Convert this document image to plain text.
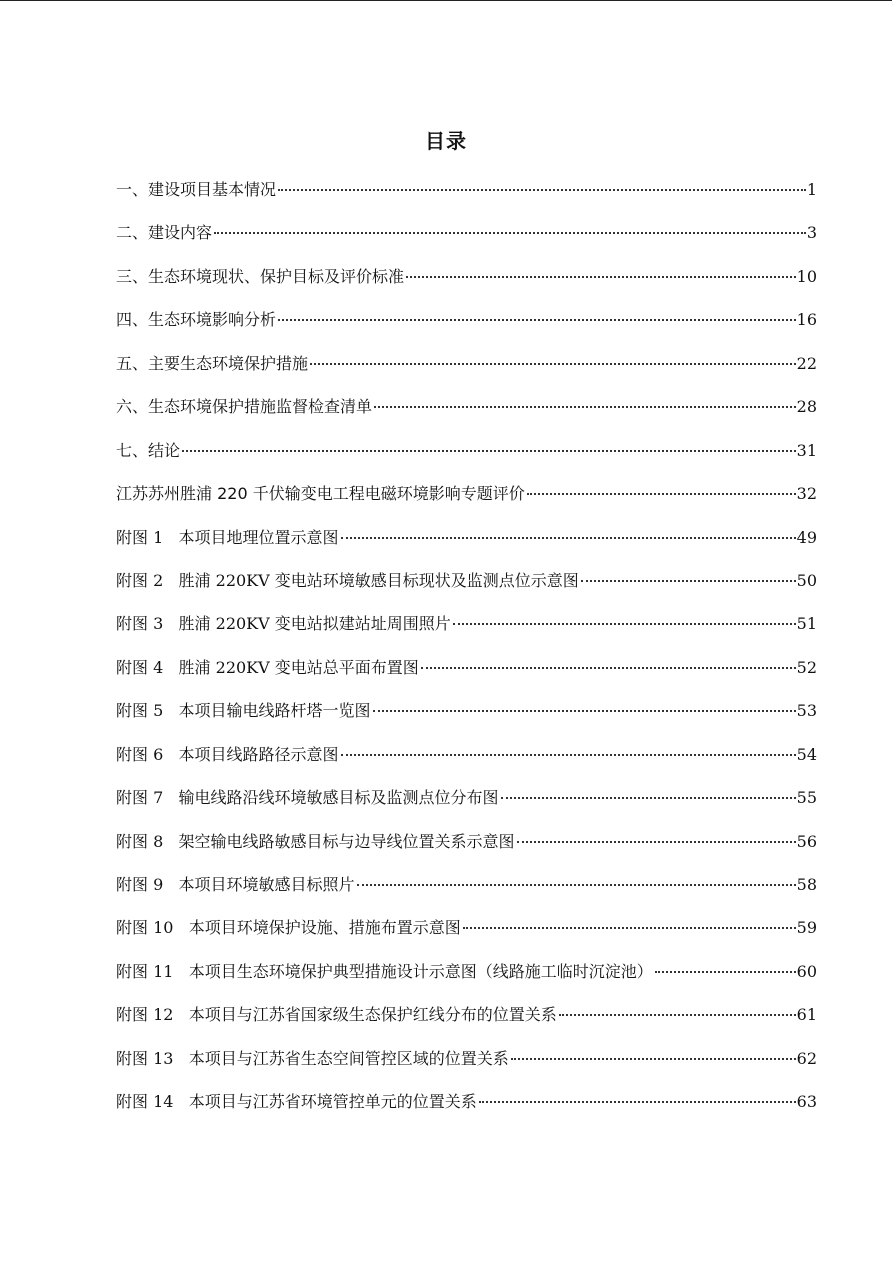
目录
一、建设项目基本情况	1
二、建设内容	3
三、生态环境现状、保护目标及评价标准	10
四、生态环境影响分析	16
五、主要生态环境保护措施	22
六、生态环境保护措施监督检查清单	28
七、结论	31
江苏苏州胜浦 220 千伏输变电工程电磁环境影响专题评价	32
附图 1 本项目地理位置示意图	49
附图 2 胜浦 220KV 变电站环境敏感目标现状及监测点位示意图	50
附图 3 胜浦 220KV 变电站拟建站址周围照片	51
附图 4 胜浦 220KV 变电站总平面布置图	52
附图 5 本项目输电线路杆塔一览图	53
附图 6 本项目线路路径示意图	54
附图 7 输电线路沿线环境敏感目标及监测点位分布图	55
附图 8 架空输电线路敏感目标与边导线位置关系示意图	56
附图 9 本项目环境敏感目标照片	58
附图 10 本项目环境保护设施、措施布置示意图	59
附图 11 本项目生态环境保护典型措施设计示意图（线路施工临时沉淀池）	60
附图 12 本项目与江苏省国家级生态保护红线分布的位置关系	61
附图 13 本项目与江苏省生态空间管控区域的位置关系	62
附图 14 本项目与江苏省环境管控单元的位置关系	63
